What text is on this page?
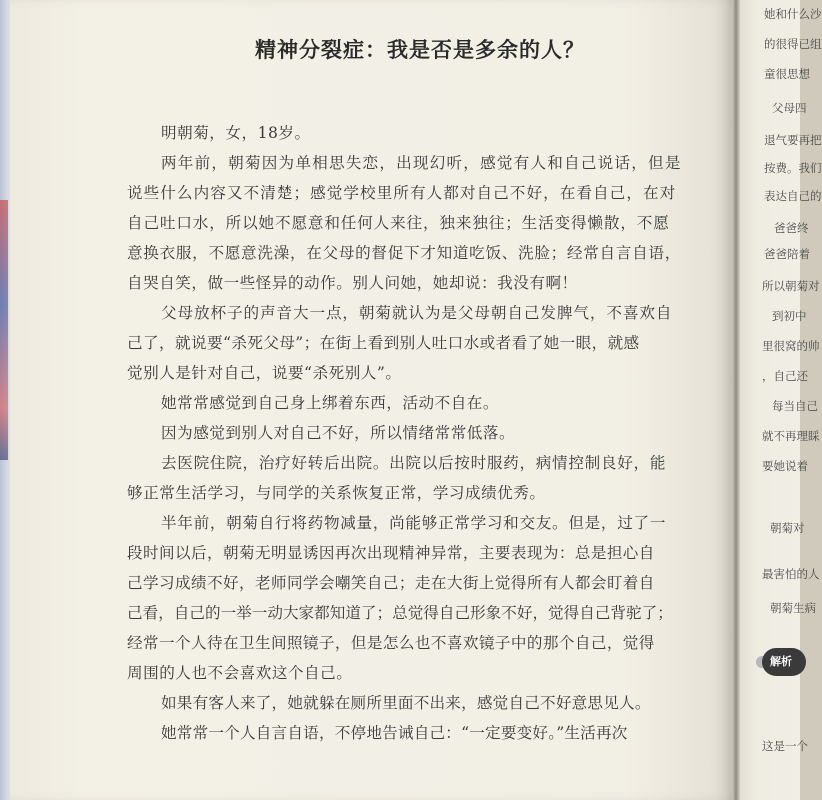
精神分裂症：我是否是多余的人？
明朝菊，女，18岁。
两年前，朝菊因为单相思失恋，出现幻听，感觉有人和自己说话，但是
说些什么内容又不清楚；感觉学校里所有人都对自己不好，在看自己，在对
自己吐口水，所以她不愿意和任何人来往，独来独往；生活变得懒散，不愿
意换衣服，不愿意洗澡，在父母的督促下才知道吃饭、洗脸；经常自言自语，
自哭自笑，做一些怪异的动作。别人问她，她却说：我没有啊！
父母放杯子的声音大一点，朝菊就认为是父母朝自己发脾气，不喜欢自
己了，就说要“杀死父母”；在街上看到别人吐口水或者看了她一眼，就感
觉别人是针对自己，说要“杀死别人”。
她常常感觉到自己身上绑着东西，活动不自在。
因为感觉到别人对自己不好，所以情绪常常低落。
去医院住院，治疗好转后出院。出院以后按时服药，病情控制良好，能
够正常生活学习，与同学的关系恢复正常，学习成绩优秀。
半年前，朝菊自行将药物减量，尚能够正常学习和交友。但是，过了一
段时间以后，朝菊无明显诱因再次出现精神异常，主要表现为：总是担心自
己学习成绩不好，老师同学会嘲笑自己；走在大街上觉得所有人都会盯着自
己看，自己的一举一动大家都知道了；总觉得自己形象不好，觉得自己背驼了；
经常一个人待在卫生间照镜子，但是怎么也不喜欢镜子中的那个自己，觉得
周围的人也不会喜欢这个自己。
如果有客人来了，她就躲在厕所里面不出来，感觉自己不好意思见人。
她常常一个人自言自语，不停地告诫自己：“一定要变好。”生活再次
她和什么沙
的很得已组
童很思想
父母四
退气要再把
按费。我们
表达自己的
爸爸终
爸爸陪着
所以朝菊对
到初中
里很窝的帅
，自己还
每当自己
就不再理睬
要她说着
朝菊对
最害怕的人
朝菊生病
这是一个
解析
